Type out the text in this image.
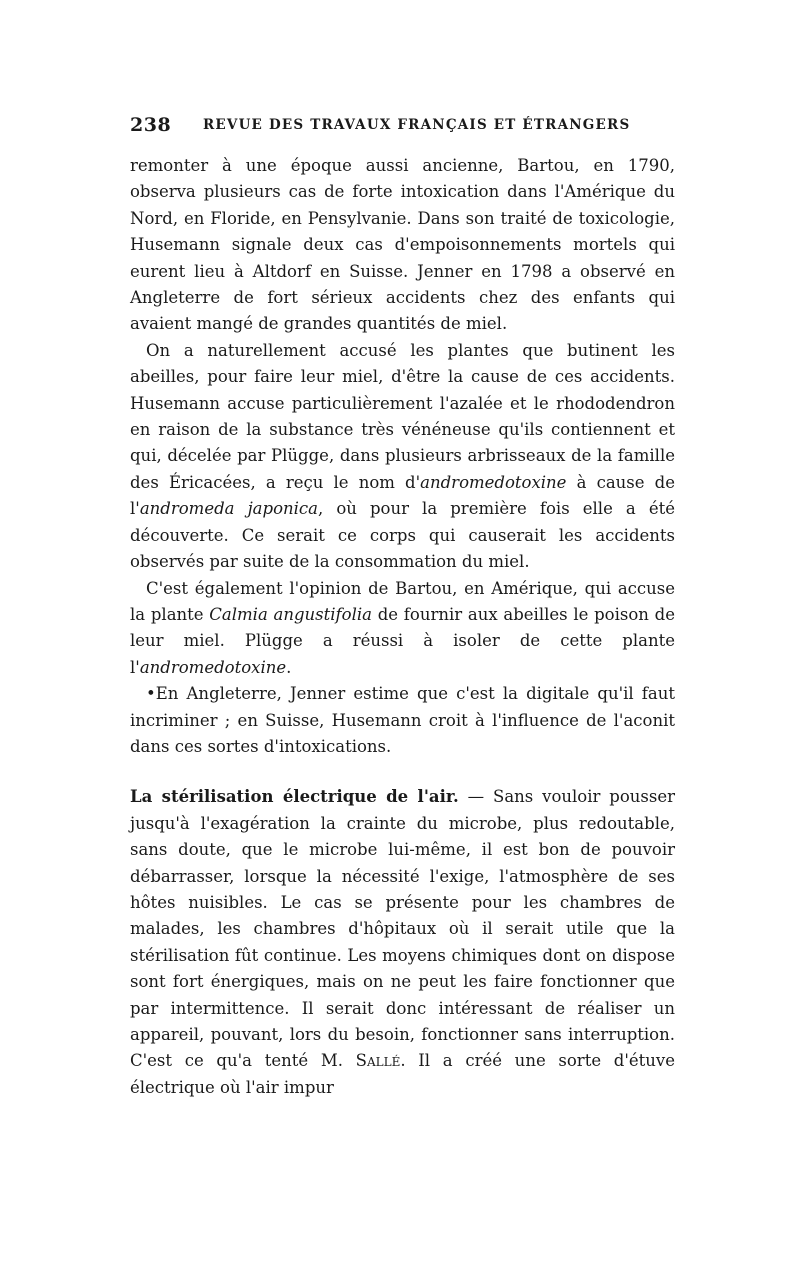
238 REVUE DES TRAVAUX FRANÇAIS ET ÉTRANGERS

remonter à une époque aussi ancienne, Bartou, en 1790, observa plusieurs cas de forte intoxication dans l'Amérique du Nord, en Floride, en Pensylvanie. Dans son traité de toxicologie, Husemann signale deux cas d'empoisonnements mortels qui eurent lieu à Altdorf en Suisse. Jenner en 1798 a observé en Angleterre de fort sérieux accidents chez des enfants qui avaient mangé de grandes quantités de miel.

On a naturellement accusé les plantes que butinent les abeilles, pour faire leur miel, d'être la cause de ces accidents. Husemann accuse particulièrement l'azalée et le rhododendron en raison de la substance très vénéneuse qu'ils contiennent et qui, décelée par Plügge, dans plusieurs arbrisseaux de la famille des Éricacées, a reçu le nom d'andromedotoxine à cause de l'andromeda japonica, où pour la première fois elle a été découverte. Ce serait ce corps qui causerait les accidents observés par suite de la consommation du miel.

C'est également l'opinion de Bartou, en Amérique, qui accuse la plante Calmia angustifolia de fournir aux abeilles le poison de leur miel. Plügge a réussi à isoler de cette plante l'andromedotoxine.

•En Angleterre, Jenner estime que c'est la digitale qu'il faut incriminer ; en Suisse, Husemann croit à l'influence de l'aconit dans ces sortes d'intoxications.

La stérilisation électrique de l'air. — Sans vouloir pousser jusqu'à l'exagération la crainte du microbe, plus redoutable, sans doute, que le microbe lui-même, il est bon de pouvoir débarrasser, lorsque la nécessité l'exige, l'atmosphère de ses hôtes nuisibles. Le cas se présente pour les chambres de malades, les chambres d'hôpitaux où il serait utile que la stérilisation fût continue. Les moyens chimiques dont on dispose sont fort énergiques, mais on ne peut les faire fonctionner que par intermittence. Il serait donc intéressant de réaliser un appareil, pouvant, lors du besoin, fonctionner sans interruption. C'est ce qu'a tenté M. Sallé. Il a créé une sorte d'étuve électrique où l'air impur
